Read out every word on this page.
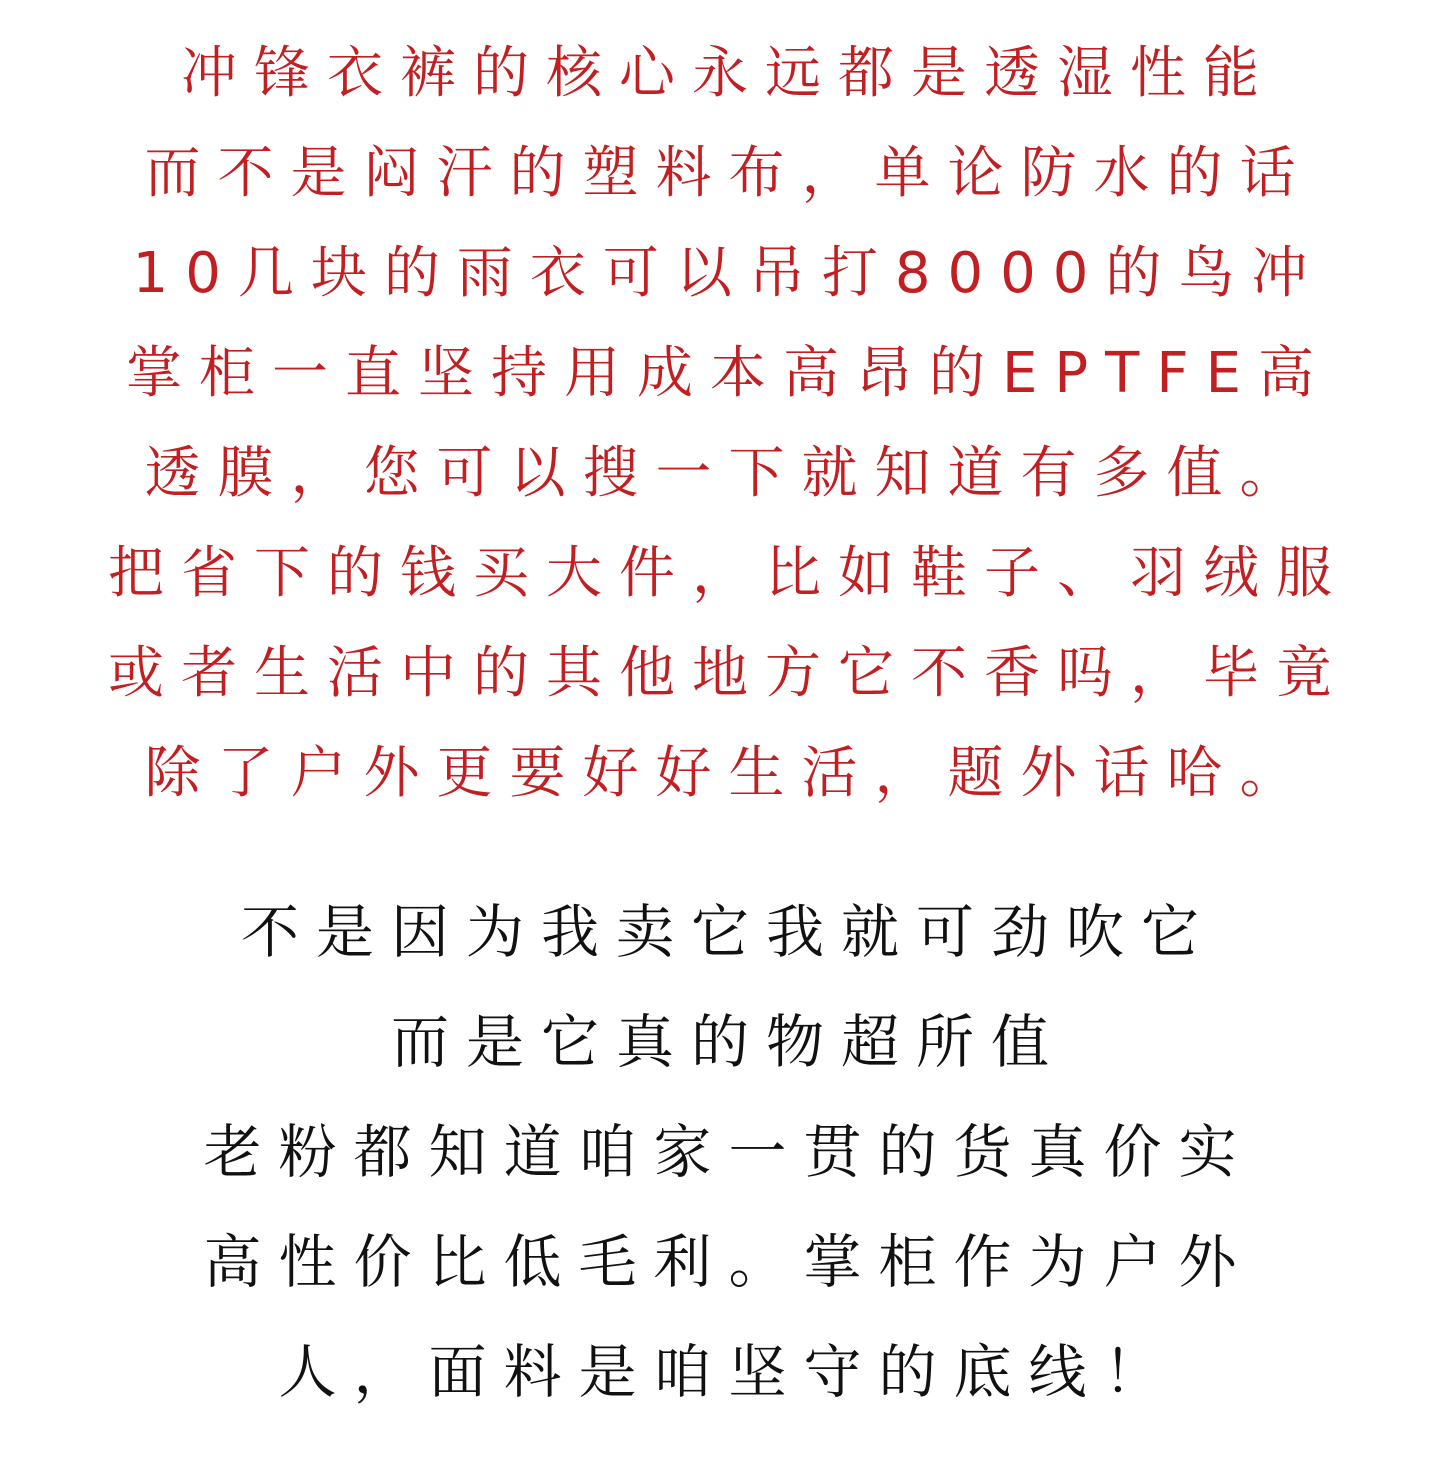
冲锋衣裤的核心永远都是透湿性能
而不是闷汗的塑料布，单论防水的话
10几块的雨衣可以吊打8000的鸟冲
掌柜一直坚持用成本高昂的EPTFE高
透膜，您可以搜一下就知道有多值。
把省下的钱买大件，比如鞋子、羽绒服
或者生活中的其他地方它不香吗，毕竟
除了户外更要好好生活，题外话哈。
不是因为我卖它我就可劲吹它
而是它真的物超所值
老粉都知道咱家一贯的货真价实
高性价比低毛利。掌柜作为户外
人，面料是咱坚守的底线！
